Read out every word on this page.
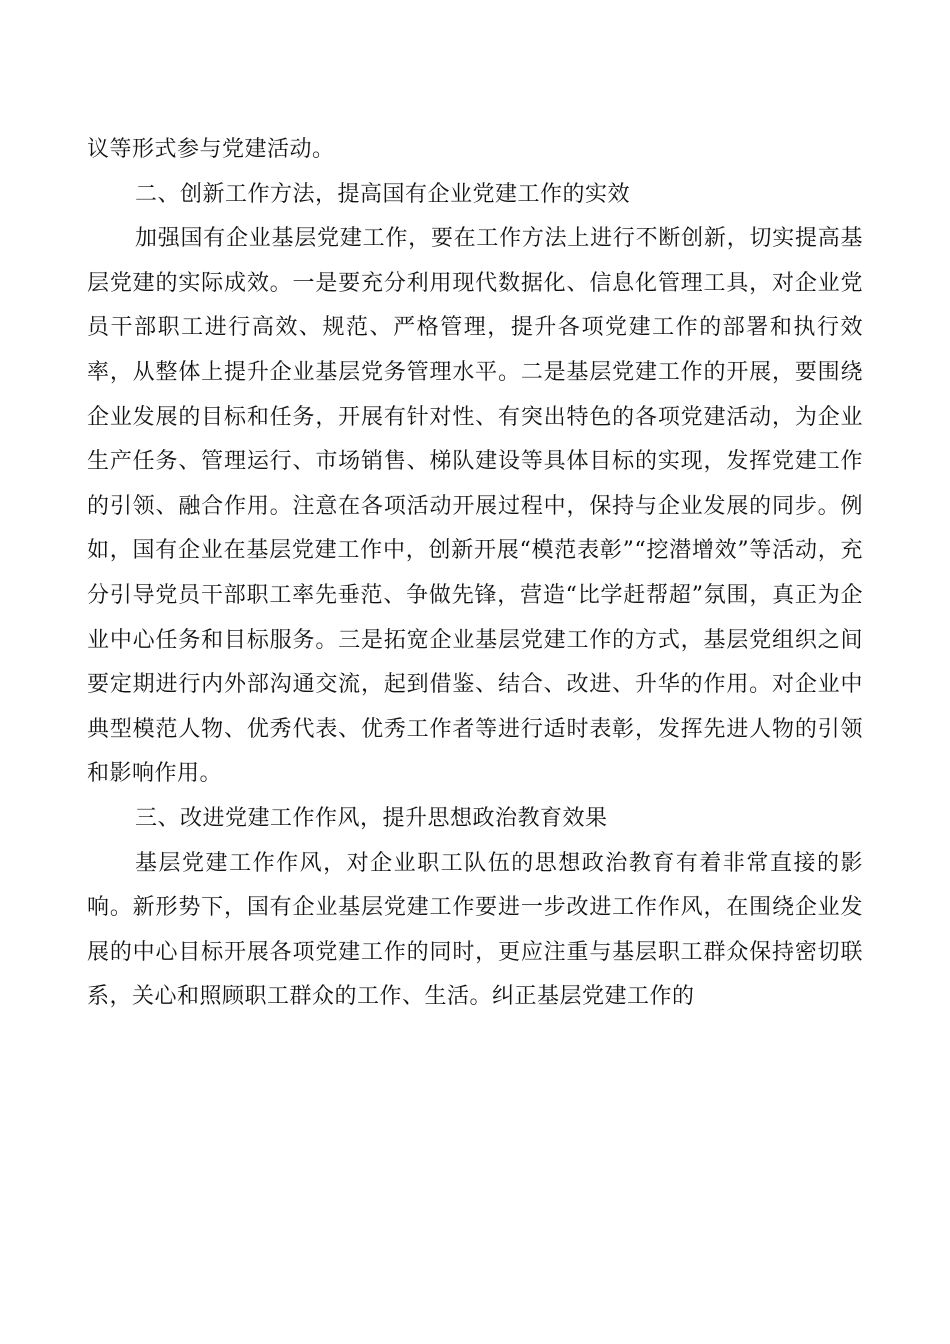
议等形式参与党建活动。

二、创新工作方法，提高国有企业党建工作的实效

加强国有企业基层党建工作，要在工作方法上进行不断创新，切实提高基层党建的实际成效。一是要充分利用现代数据化、信息化管理工具，对企业党员干部职工进行高效、规范、严格管理，提升各项党建工作的部署和执行效率，从整体上提升企业基层党务管理水平。二是基层党建工作的开展，要围绕企业发展的目标和任务，开展有针对性、有突出特色的各项党建活动，为企业生产任务、管理运行、市场销售、梯队建设等具体目标的实现，发挥党建工作的引领、融合作用。注意在各项活动开展过程中，保持与企业发展的同步。例如，国有企业在基层党建工作中，创新开展“模范表彰”“挖潜增效”等活动，充分引导党员干部职工率先垂范、争做先锋，营造“比学赶帮超”氛围，真正为企业中心任务和目标服务。三是拓宽企业基层党建工作的方式，基层党组织之间要定期进行内外部沟通交流，起到借鉴、结合、改进、升华的作用。对企业中典型模范人物、优秀代表、优秀工作者等进行适时表彰，发挥先进人物的引领和影响作用。

三、改进党建工作作风，提升思想政治教育效果

基层党建工作作风，对企业职工队伍的思想政治教育有着非常直接的影响。新形势下，国有企业基层党建工作要进一步改进工作作风，在围绕企业发展的中心目标开展各项党建工作的同时，更应注重与基层职工群众保持密切联系，关心和照顾职工群众的工作、生活。纠正基层党建工作的
